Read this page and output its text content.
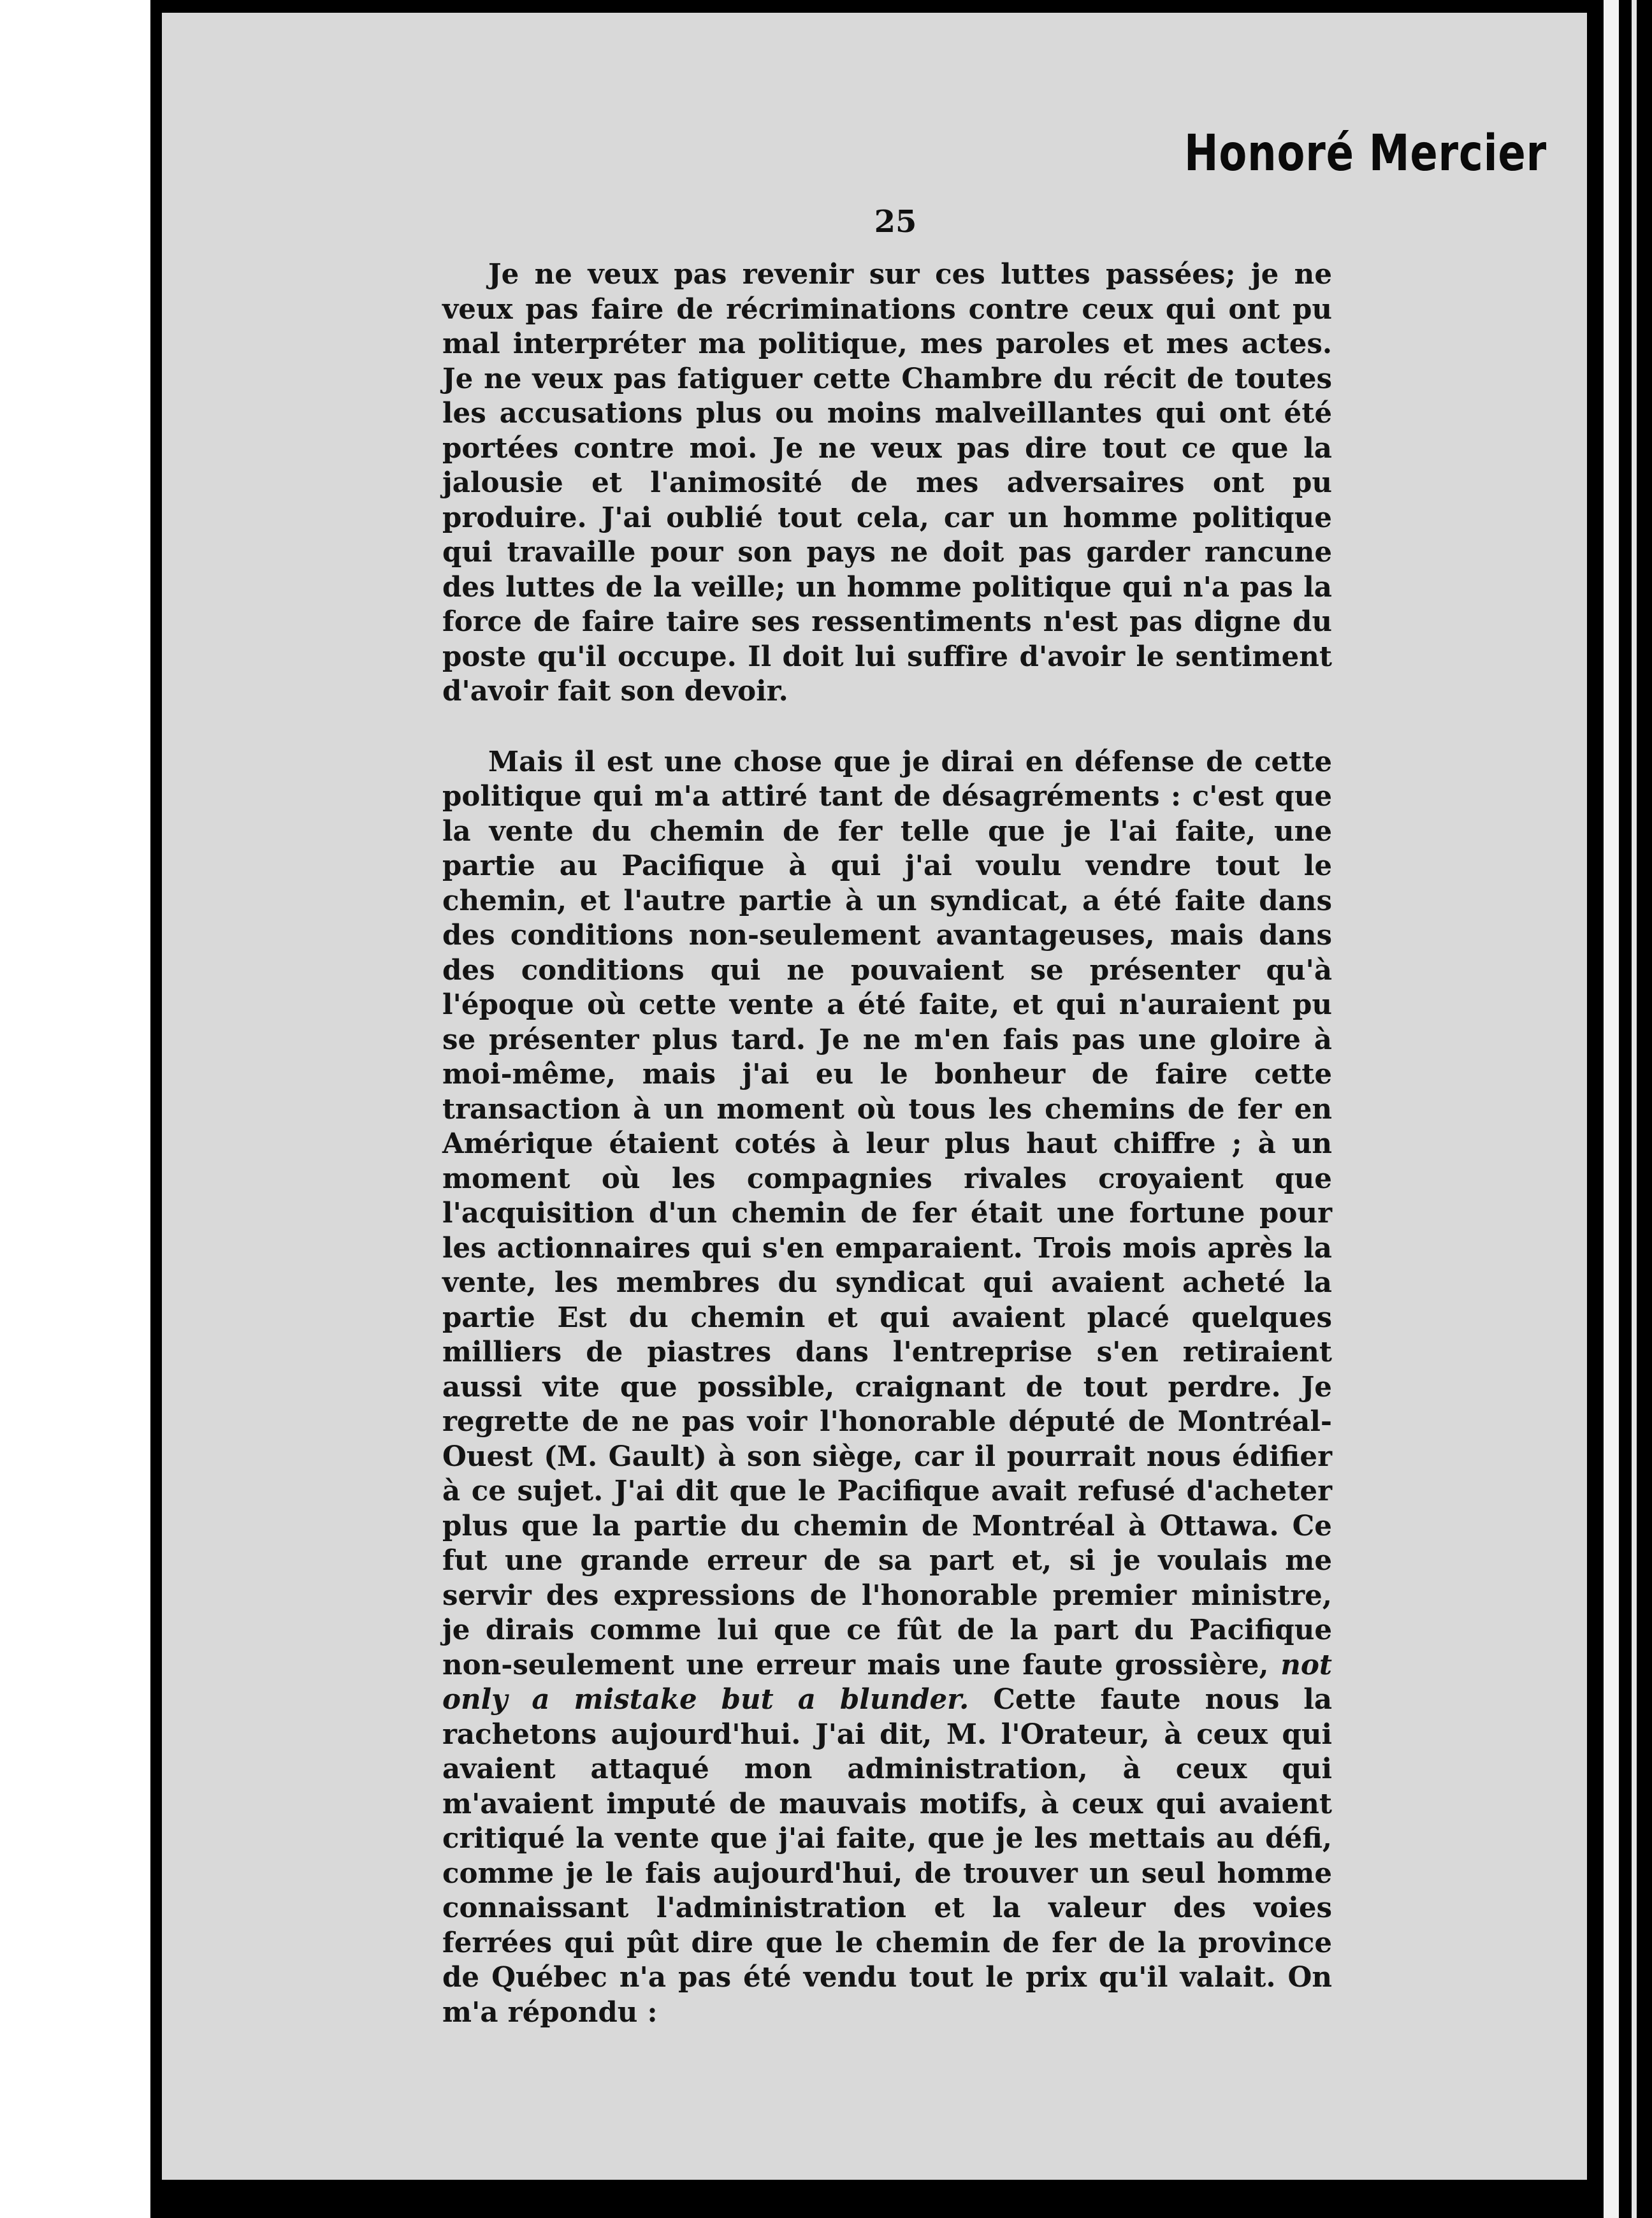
Honoré Mercier
25

Je ne veux pas revenir sur ces luttes passées; je ne veux pas faire de récriminations contre ceux qui ont pu mal interpréter ma politique, mes paroles et mes actes. Je ne veux pas fatiguer cette Chambre du récit de toutes les accusations plus ou moins malveillantes qui ont été portées contre moi. Je ne veux pas dire tout ce que la jalousie et l'animosité de mes adversaires ont pu produire. J'ai oublié tout cela, car un homme politique qui travaille pour son pays ne doit pas garder rancune des luttes de la veille; un homme politique qui n'a pas la force de faire taire ses ressentiments n'est pas digne du poste qu'il occupe. Il doit lui suffire d'avoir le sentiment d'avoir fait son devoir.

Mais il est une chose que je dirai en défense de cette politique qui m'a attiré tant de désagréments : c'est que la vente du chemin de fer telle que je l'ai faite, une partie au Pacifique à qui j'ai voulu vendre tout le chemin, et l'autre partie à un syndicat, a été faite dans des conditions non-seulement avantageuses, mais dans des conditions qui ne pouvaient se présenter qu'à l'époque où cette vente a été faite, et qui n'auraient pu se présenter plus tard. Je ne m'en fais pas une gloire à moi-même, mais j'ai eu le bonheur de faire cette transaction à un moment où tous les chemins de fer en Amérique étaient cotés à leur plus haut chiffre ; à un moment où les compagnies rivales croyaient que l'acquisition d'un chemin de fer était une fortune pour les actionnaires qui s'en emparaient. Trois mois après la vente, les membres du syndicat qui avaient acheté la partie Est du chemin et qui avaient placé quelques milliers de piastres dans l'entreprise s'en retiraient aussi vite que possible, craignant de tout perdre. Je regrette de ne pas voir l'honorable député de Montréal-Ouest (M. Gault) à son siège, car il pourrait nous édifier à ce sujet. J'ai dit que le Pacifique avait refusé d'acheter plus que la partie du chemin de Montréal à Ottawa. Ce fut une grande erreur de sa part et, si je voulais me servir des expressions de l'honorable premier ministre, je dirais comme lui que ce fût de la part du Pacifique non-seulement une erreur mais une faute grossière, not only a mistake but a blunder. Cette faute nous la rachetons aujourd'hui. J'ai dit, M. l'Orateur, à ceux qui avaient attaqué mon administration, à ceux qui m'avaient imputé de mauvais motifs, à ceux qui avaient critiqué la vente que j'ai faite, que je les mettais au défi, comme je le fais aujourd'hui, de trouver un seul homme connaissant l'administration et la valeur des voies ferrées qui pût dire que le chemin de fer de la province de Québec n'a pas été vendu tout le prix qu'il valait. On m'a répondu :
